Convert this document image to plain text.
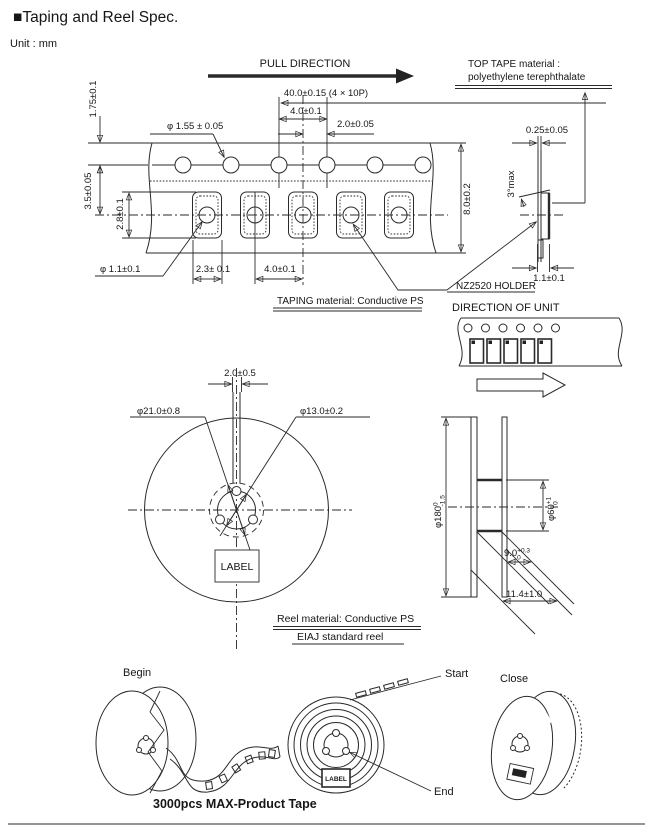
■Taping and Reel Spec.
Unit : mm
PULL DIRECTION	TOP TAPE material :
polyethylene terephthalate
40.0±0.15 (4 × 10P)
4.0±0.1
2.0±0.05
φ 1.55 ± 0.05
1.75±0.1
3.5±0.05
2.8±0.1	8.0±0.2
φ 1.1±0.1	2.3± 0.1	4.0±0.1
TAPING material: Conductive PS
0.25±0.05
3°max
1.1±0.1
NZ2520 HOLDER
DIRECTION OF UNIT
2.0±0.5
φ21.0±0.8	φ13.0±0.2
LABEL
Reel material: Conductive PS
EIAJ standard reel
$\varphi 180^0-1.5$
$\varphi 60^{+1}0$
$9.0^{+0.3}$ 0
11.4±1.0
Begin
3000pcs MAX-Product Tape
LABEL
Start
End
Close
